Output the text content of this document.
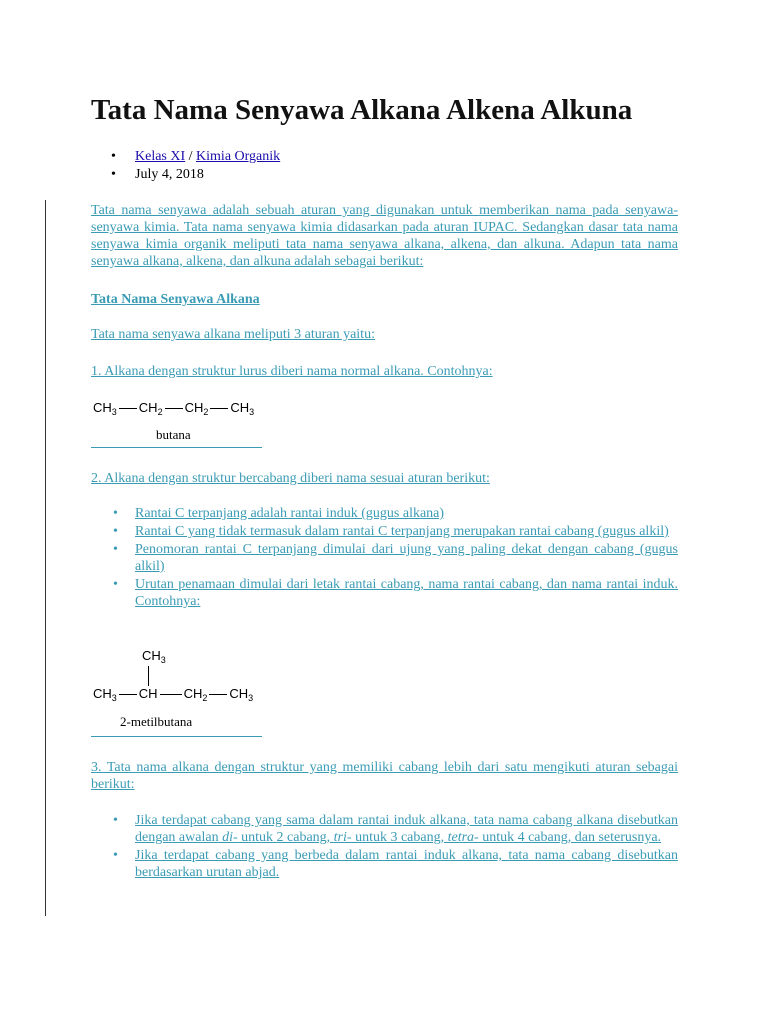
Tata Nama Senyawa Alkana Alkena Alkuna
• Kelas XI / Kimia Organik
• July 4, 2018

Tata nama senyawa adalah sebuah aturan yang digunakan untuk memberikan nama pada senyawa-senyawa kimia. Tata nama senyawa kimia didasarkan pada aturan IUPAC. Sedangkan dasar tata nama senyawa kimia organik meliputi tata nama senyawa alkana, alkena, dan alkuna. Adapun tata nama senyawa alkana, alkena, dan alkuna adalah sebagai berikut:

Tata Nama Senyawa Alkana

Tata nama senyawa alkana meliputi 3 aturan yaitu:

1. Alkana dengan struktur lurus diberi nama normal alkana. Contohnya:

$CH_3$ $CH_2$ $CH_2$ $CH_3$
butana

2. Alkana dengan struktur bercabang diberi nama sesuai aturan berikut:

• Rantai C terpanjang adalah rantai induk (gugus alkana)
• Rantai C yang tidak termasuk dalam rantai C terpanjang merupakan rantai cabang (gugus alkil)
• Penomoran rantai C terpanjang dimulai dari ujung yang paling dekat dengan cabang (gugus alkil)
• Urutan penamaan dimulai dari letak rantai cabang, nama rantai cabang, dan nama rantai induk. Contohnya:
$CH_3$
$CH_3$ CH $CH_2$ $CH_3$
2-metilbutana

3. Tata nama alkana dengan struktur yang memiliki cabang lebih dari satu mengikuti aturan sebagai berikut:

• Jika terdapat cabang yang sama dalam rantai induk alkana, tata nama cabang alkana disebutkan dengan awalan di- untuk 2 cabang, tri- untuk 3 cabang, tetra- untuk 4 cabang, dan seterusnya.
• Jika terdapat cabang yang berbeda dalam rantai induk alkana, tata nama cabang disebutkan berdasarkan urutan abjad.
